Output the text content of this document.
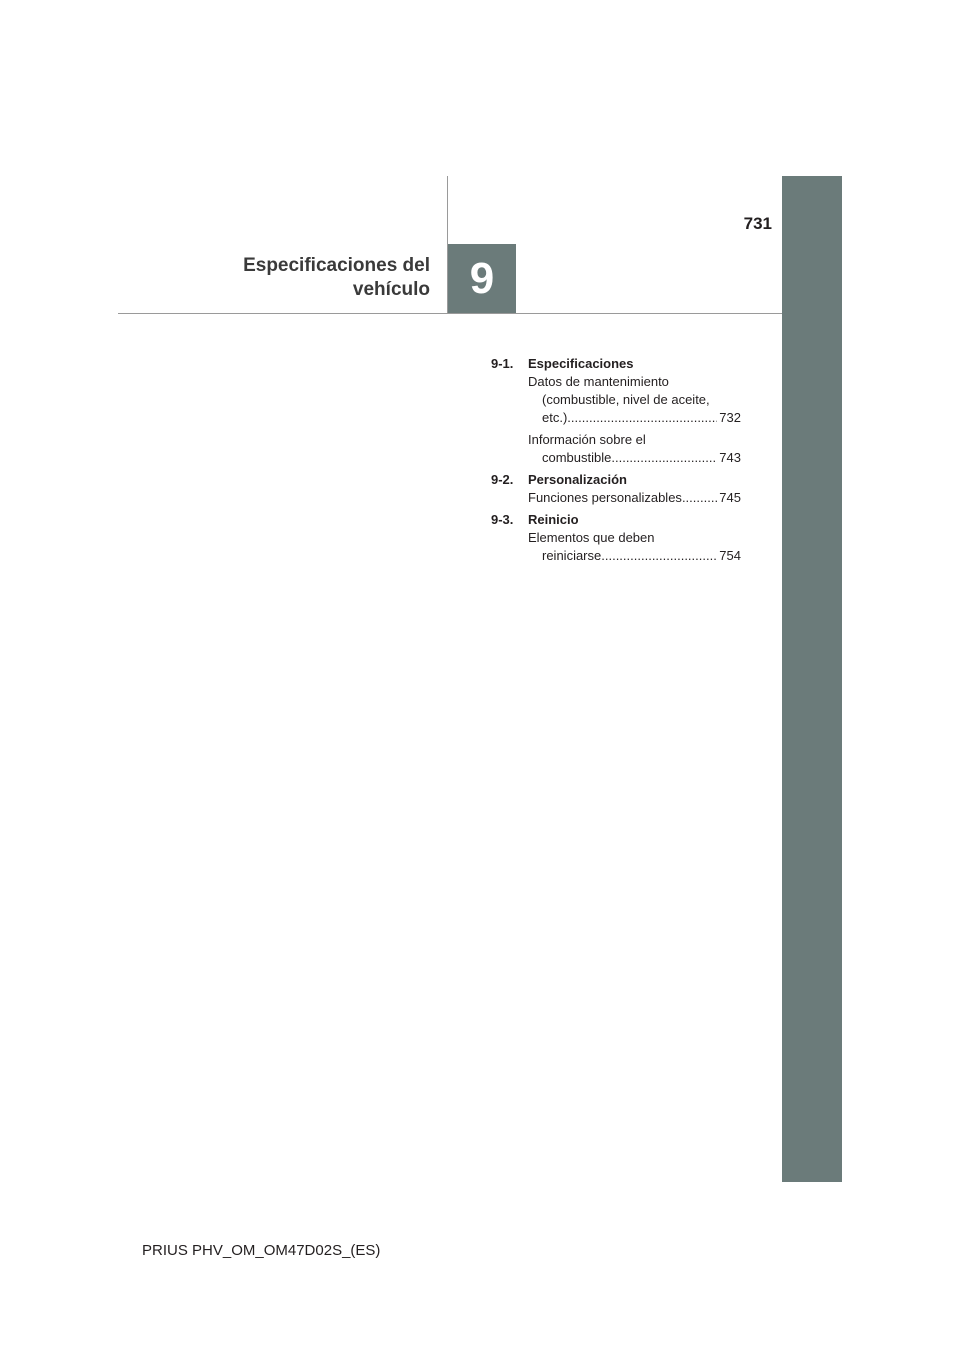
731
Especificaciones del
vehículo 9
9-1.	Especificaciones
Datos de mantenimiento
(combustible, nivel de aceite,
etc.) .....	732
Información sobre el
combustible .....	743
9-2.	Personalización
Funciones personalizables .....	745
9-3.	Reinicio
Elementos que deben
reiniciarse .....	754
PRIUS PHV_OM_OM47D02S_(ES)
